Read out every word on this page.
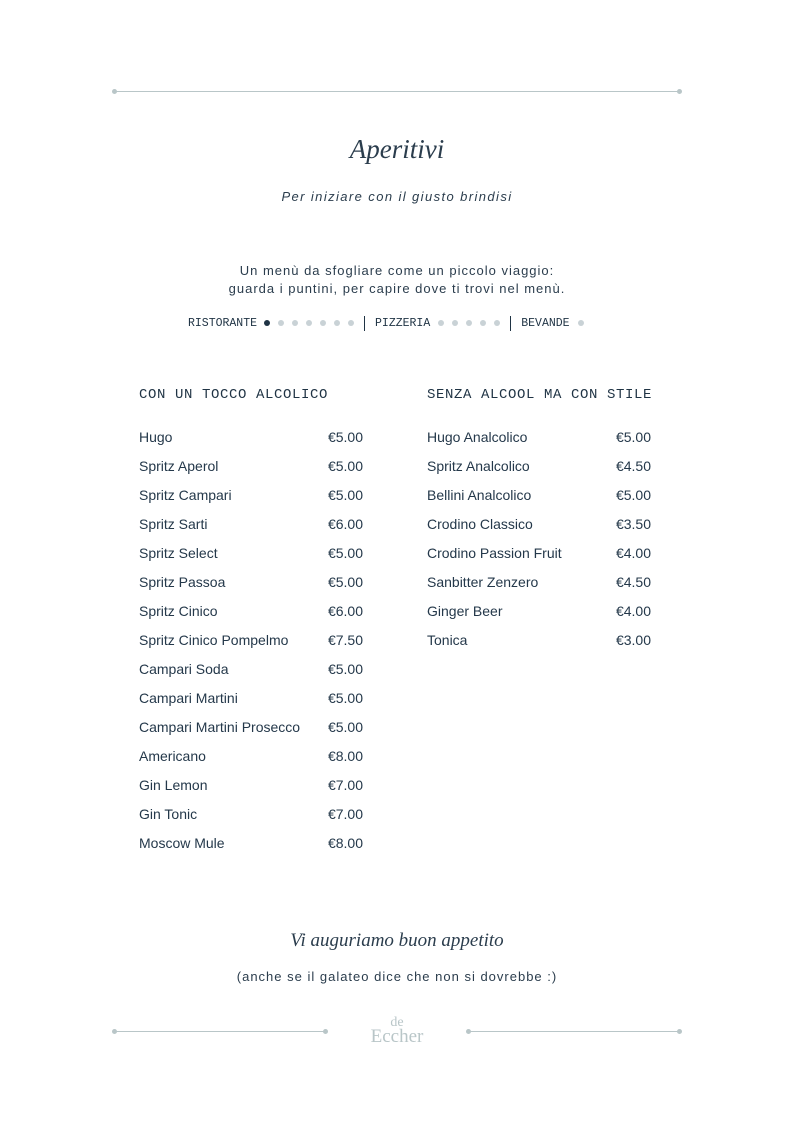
Aperitivi
Per iniziare con il giusto brindisi
Un menù da sfogliare come un piccolo viaggio:
guarda i puntini, per capire dove ti trovi nel menù.
RISTORANTE	PIZZERIA	BEVANDE
CON UN TOCCO ALCOLICO	SENZA ALCOOL MA CON STILE
Hugo	€5.00
Spritz Aperol	€5.00
Spritz Campari	€5.00
Spritz Sarti	€6.00
Spritz Select	€5.00
Spritz Passoa	€5.00
Spritz Cinico	€6.00
Spritz Cinico Pompelmo	€7.50
Campari Soda	€5.00
Campari Martini	€5.00
Campari Martini Prosecco €5.00
Americano	€8.00
Gin Lemon	€7.00
Gin Tonic	€7.00
Moscow Mule	€8.00
Hugo Analcolico	€5.00
Spritz Analcolico	€4.50
Bellini Analcolico	€5.00
Crodino Classico	€3.50
Crodino Passion Fruit	€4.00
Sanbitter Zenzero	€4.50
Ginger Beer	€4.00
Tonica	€3.00
Vi auguriamo buon appetito
(anche se il galateo dice che non si dovrebbe :)
de
Eccher
